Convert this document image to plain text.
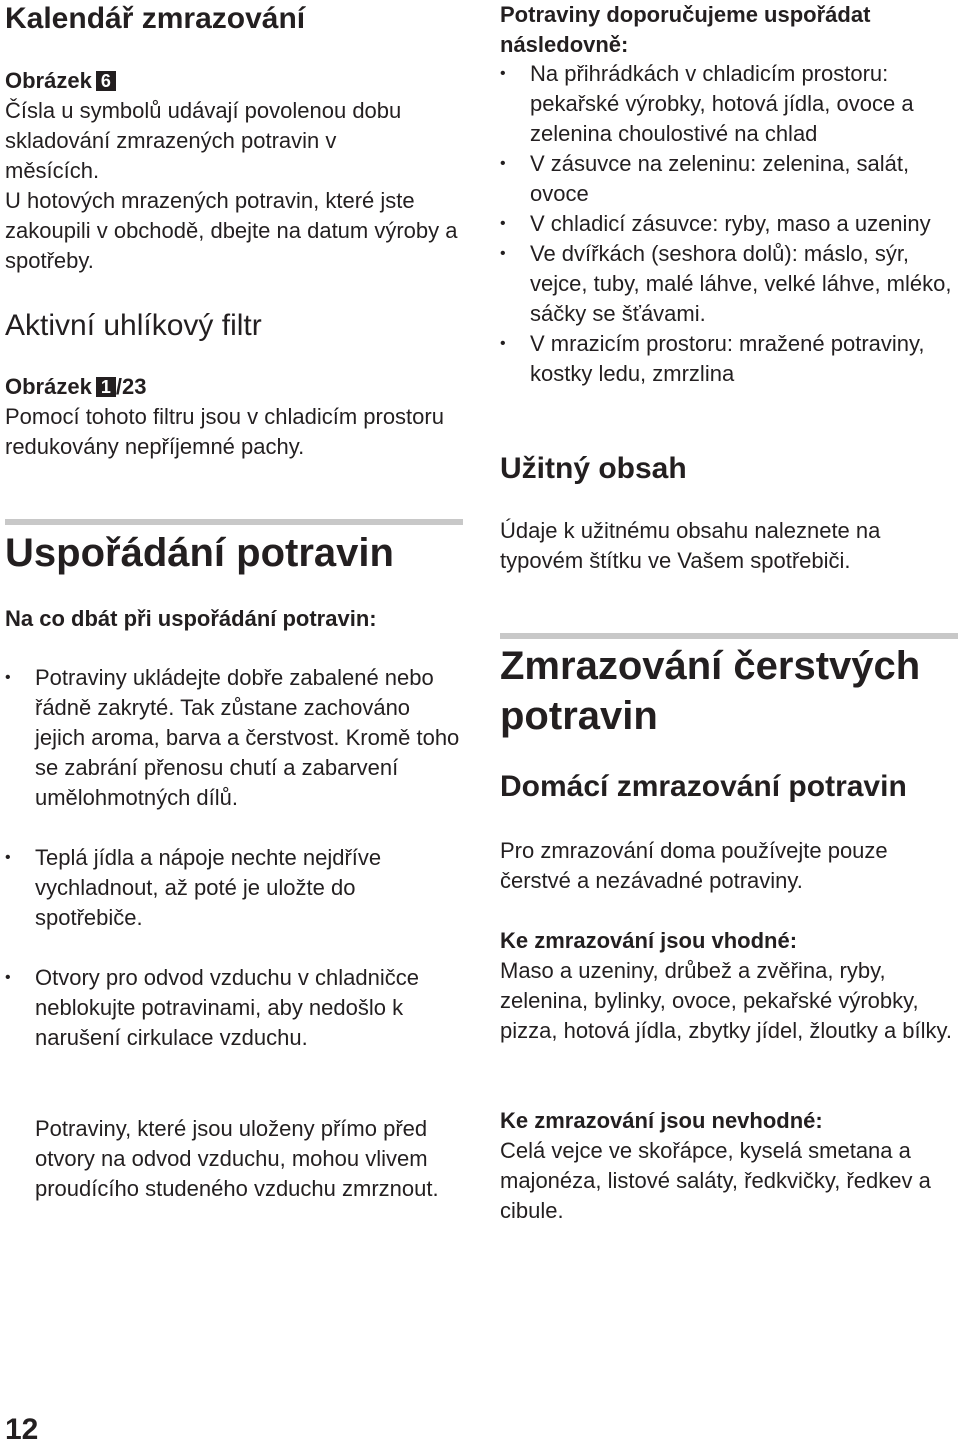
Kalendář zmrazování
Obrázek 6

Čísla u symbolů udávají povolenou dobu skladování zmrazených potravin v měsících.

U hotových mrazených potravin, které jste zakoupili v obchodě, dbejte na datum výroby a spotřeby.

Aktivní uhlíkový filtr
Obrázek 1 /23

Pomocí tohoto filtru jsou v chladicím prostoru redukovány nepříjemné pachy.

Uspořádání potravin
Na co dbát při uspořádání potravin:
• Potraviny ukládejte dobře zabalené nebo řádně zakryté. Tak zůstane zachováno jejich aroma, barva a čerstvost. Kromě toho se zabrání přenosu chutí a zabarvení umělohmotných dílů.
• Teplá jídla a nápoje nechte nejdříve vychladnout, až poté je uložte do spotřebiče.
• Otvory pro odvod vzduchu v chladničce neblokujte potravinami, aby nedošlo k narušení cirkulace vzduchu.

Potraviny, které jsou uloženy přímo před otvory na odvod vzduchu, mohou vlivem proudícího studeného vzduchu zmrznout.

12
Potraviny doporučujeme uspořádat následovně:
• Na přihrádkách v chladicím prostoru: pekařské výrobky, hotová jídla, ovoce a zelenina choulostivé na chlad
• V zásuvce na zeleninu: zelenina, salát, ovoce
• V chladicí zásuvce: ryby, maso a uzeniny
• Ve dvířkách (seshora dolů): máslo, sýr, vejce, tuby, malé láhve, velké láhve, mléko, sáčky se šťávami.
• V mrazicím prostoru: mražené potraviny, kostky ledu, zmrzlina
Užitný obsah

Údaje k užitnému obsahu naleznete na typovém štítku ve Vašem spotřebiči.

Zmrazování čerstvých potravin
Domácí zmrazování potravin

Pro zmrazování doma používejte pouze čerstvé a nezávadné potraviny.

Ke zmrazování jsou vhodné:

Maso a uzeniny, drůbež a zvěřina, ryby, zelenina, bylinky, ovoce, pekařské výrobky, pizza, hotová jídla, zbytky jídel, žloutky a bílky.

Ke zmrazování jsou nevhodné:

Celá vejce ve skořápce, kyselá smetana a majonéza, listové saláty, ředkvičky, ředkev a cibule.
